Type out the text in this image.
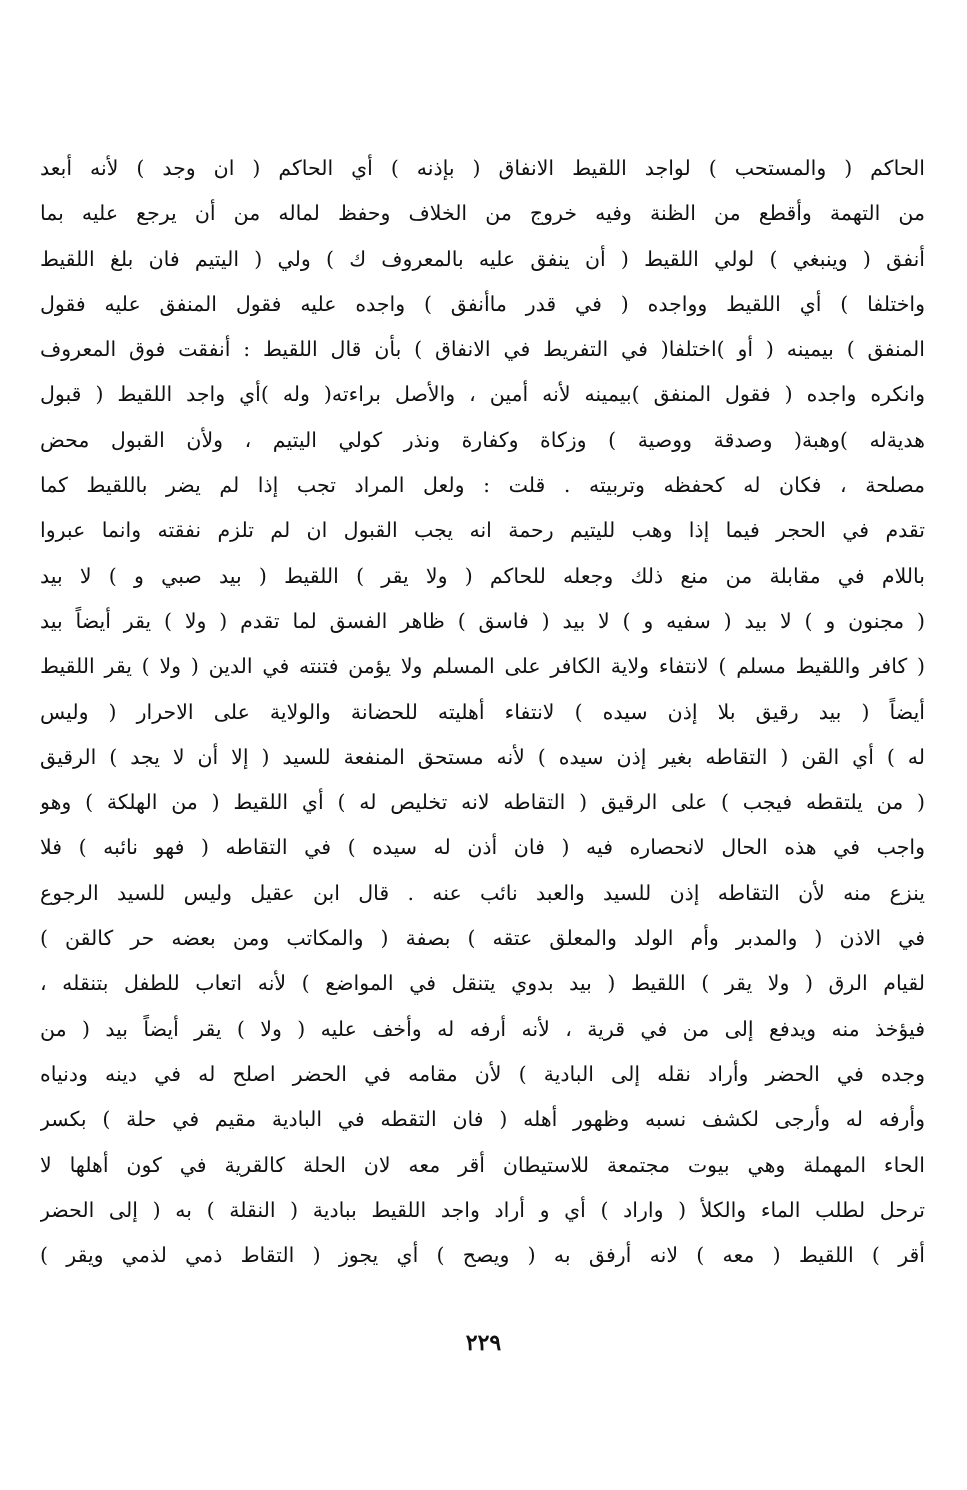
الحاكم ( والمستحب ) لواجد اللقيط الانفاق ( بإذنه ) أي الحاكم ( ان وجد ) لأنه أبعد
من التهمة وأقطع من الظنة وفيه خروج من الخلاف وحفظ لماله من أن يرجع عليه بما
أنفق ( وينبغي ) لولي اللقيط ( أن ينفق عليه بالمعروف ك ) ولي ( اليتيم فان بلغ اللقيط
واختلفا ) أي اللقيط وواجده ( في قدر ماأنفق ) واجده عليه فقول المنفق عليه فقول
المنفق ) بيمينه ( أو )اختلفا( في التفريط في الانفاق ) بأن قال اللقيط : أنفقت فوق المعروف
وانكره واجده ( فقول المنفق )بيمينه لأنه أمين ، والأصل براءته( وله )أي واجد اللقيط ( قبول
هديةله )وهبة( وصدقة ووصية ) وزكاة وكفارة ونذر كولي اليتيم ، ولأن القبول محض
مصلحة ، فكان له كحفظه وتربيته . قلت : ولعل المراد تجب إذا لم يضر باللقيط كما
تقدم في الحجر فيما إذا وهب لليتيم رحمة انه يجب القبول ان لم تلزم نفقته وانما عبروا
باللام في مقابلة من منع ذلك وجعله للحاكم ( ولا يقر ) اللقيط ( بيد صبي و ) لا بيد
( مجنون و ) لا بيد ( سفيه و ) لا بيد ( فاسق ) ظاهر الفسق لما تقدم ( ولا ) يقر أيضاً بيد
( كافر واللقيط مسلم ) لانتفاء ولاية الكافر على المسلم ولا يؤمن فتنته في الدين ( ولا ) يقر اللقيط
أيضاً ( بيد رقيق بلا إذن سيده ) لانتفاء أهليته للحضانة والولاية على الاحرار ( وليس
له ) أي القن ( التقاطه بغير إذن سيده ) لأنه مستحق المنفعة للسيد ( إلا أن لا يجد ) الرقيق
( من يلتقطه فيجب ) على الرقيق ( التقاطه لانه تخليص له ) أي اللقيط ( من الهلكة ) وهو
واجب في هذه الحال لانحصاره فيه ( فان أذن له سيده ) في التقاطه ( فهو نائبه ) فلا
ينزع منه لأن التقاطه إذن للسيد والعبد نائب عنه . قال ابن عقيل وليس للسيد الرجوع
في الاذن ( والمدبر وأم الولد والمعلق عتقه ) بصفة ( والمكاتب ومن بعضه حر كالقن )
لقيام الرق ( ولا يقر ) اللقيط ( بيد بدوي يتنقل في المواضع ) لأنه اتعاب للطفل بتنقله ،
فيؤخذ منه ويدفع إلى من في قرية ، لأنه أرفه له وأخف عليه ( ولا ) يقر أيضاً بيد ( من
وجده في الحضر وأراد نقله إلى البادية ) لأن مقامه في الحضر اصلح له في دينه ودنياه
وأرفه له وأرجى لكشف نسبه وظهور أهله ( فان التقطه في البادية مقيم في حلة ) بكسر
الحاء المهملة وهي بيوت مجتمعة للاستيطان أقر معه لان الحلة كالقرية في كون أهلها لا
ترحل لطلب الماء والكلأ ( واراد ) أي و أراد واجد اللقيط ببادية ( النقلة ) به ( إلى الحضر
أقر ) اللقيط ( معه ) لانه أرفق به ( ويصح ) أي يجوز ( التقاط ذمي لذمي ويقر )
٢٢٩
